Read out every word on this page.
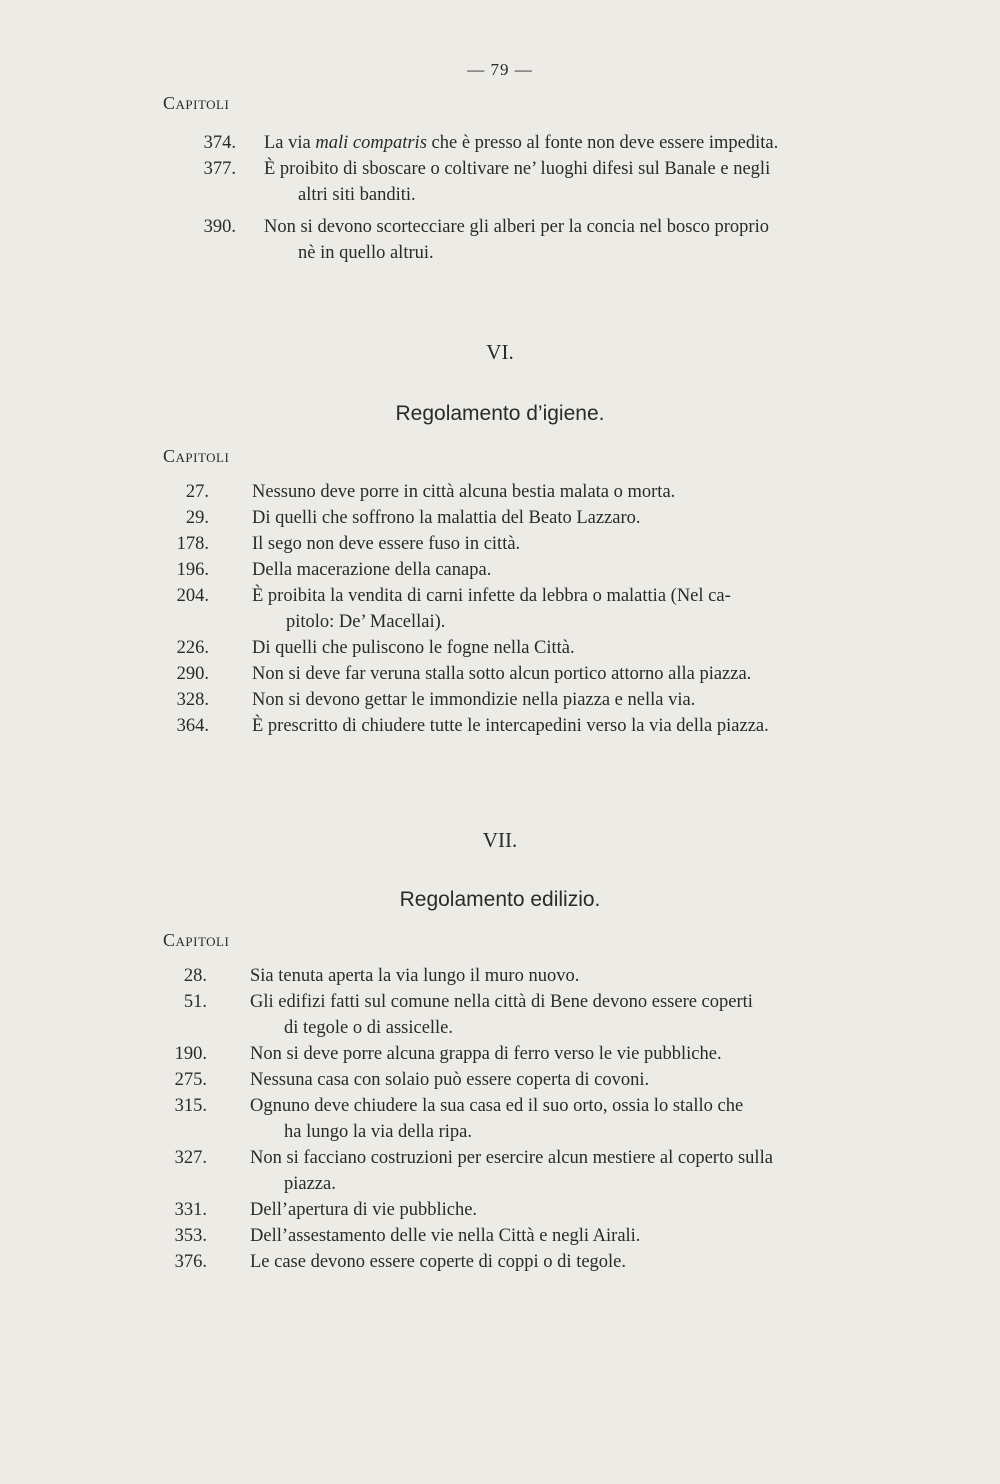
— 79 —
Capitoli
374. La via mali compatris che è presso al fonte non deve essere impedita.
377. È proibito di sboscare o coltivare ne’ luoghi difesi sul Banale e negli
altri siti banditi.
390. Non si devono scortecciare gli alberi per la concia nel bosco proprio
nè in quello altrui.
VI.
Regolamento d’igiene.
Capitoli
27. Nessuno deve porre in città alcuna bestia malata o morta.
29. Di quelli che soffrono la malattia del Beato Lazzaro.
178. Il sego non deve essere fuso in città.
196. Della macerazione della canapa.
204. È proibita la vendita di carni infette da lebbra o malattia (Nel ca-
pitolo: De’ Macellai).
226. Di quelli che puliscono le fogne nella Città.
290. Non si deve far veruna stalla sotto alcun portico attorno alla piazza.
328. Non si devono gettar le immondizie nella piazza e nella via.
364. È prescritto di chiudere tutte le intercapedini verso la via della piazza.
VII.
Regolamento edilizio.
Capitoli
28. Sia tenuta aperta la via lungo il muro nuovo.
51. Gli edifizi fatti sul comune nella città di Bene devono essere coperti
di tegole o di assicelle.
190. Non si deve porre alcuna grappa di ferro verso le vie pubbliche.
275. Nessuna casa con solaio può essere coperta di covoni.
315. Ognuno deve chiudere la sua casa ed il suo orto, ossia lo stallo che
ha lungo la via della ripa.
327. Non si facciano costruzioni per esercire alcun mestiere al coperto sulla
piazza.
331. Dell’apertura di vie pubbliche.
353. Dell’assestamento delle vie nella Città e negli Airali.
376. Le case devono essere coperte di coppi o di tegole.
